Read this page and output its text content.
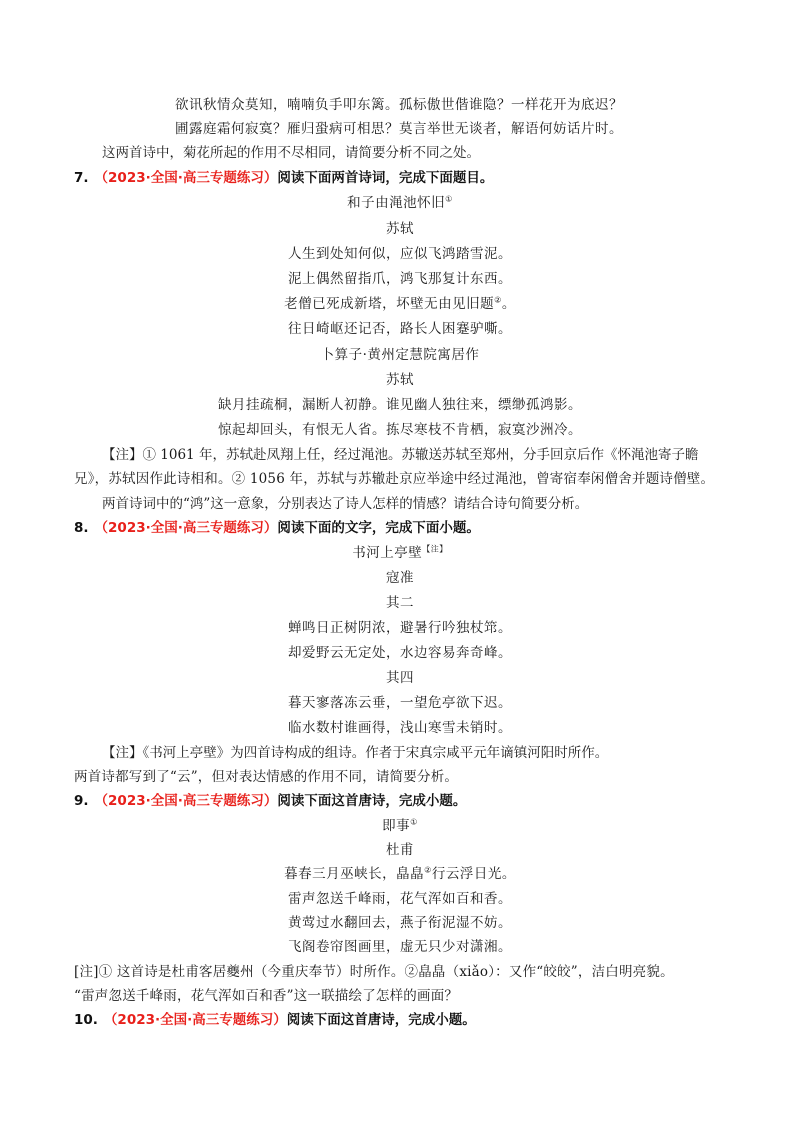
欲讯秋情众莫知，喃喃负手叩东篱。孤标傲世偕谁隐？一样花开为底迟？
圃露庭霜何寂寞？雁归蛩病可相思？莫言举世无谈者，解语何妨话片时。
这两首诗中，菊花所起的作用不尽相同，请简要分析不同之处。
7. （2023·全国·高三专题练习）阅读下面两首诗词，完成下面题目。
和子由渑池怀旧①
苏轼
人生到处知何似，应似飞鸿踏雪泥。
泥上偶然留指爪，鸿飞那复计东西。
老僧已死成新塔，坏壁无由见旧题②。
往日崎岖还记否，路长人困蹇驴嘶。
卜算子·黄州定慧院寓居作
苏轼
缺月挂疏桐，漏断人初静。谁见幽人独往来，缥缈孤鸿影。
惊起却回头，有恨无人省。拣尽寒枝不肯栖，寂寞沙洲冷。
【注】① 1061 年，苏轼赴凤翔上任，经过渑池。苏辙送苏轼至郑州，分手回京后作《怀渑池寄子瞻
兄》，苏轼因作此诗相和。② 1056 年，苏轼与苏辙赴京应举途中经过渑池，曾寄宿奉闲僧舍并题诗僧壁。
两首诗词中的“鸿”这一意象，分别表达了诗人怎样的情感？请结合诗句简要分析。
8. （2023·全国·高三专题练习）阅读下面的文字，完成下面小题。
书河上亭壁$^{【注】}$
寇准
其二
蝉鸣日正树阴浓，避暑行吟独杖筇。
却爱野云无定处，水边容易奔奇峰。
其四
暮天寥落冻云垂，一望危亭欲下迟。
临水数村谁画得，浅山寒雪未销时。
【注】《书河上亭壁》为四首诗构成的组诗。作者于宋真宗咸平元年谪镇河阳时所作。
两首诗都写到了“云”，但对表达情感的作用不同，请简要分析。
9. （2023·全国·高三专题练习）阅读下面这首唐诗，完成小题。
即事①
杜甫
暮春三月巫峡长，皛皛②行云浮日光。
雷声忽送千峰雨，花气浑如百和香。
黄莺过水翻回去，燕子衔泥湿不妨。
飞阁卷帘图画里，虚无只少对潇湘。
[注]① 这首诗是杜甫客居夔州（今重庆奉节）时所作。②皛皛（xiǎo）：又作“皎皎”，洁白明亮貌。
“雷声忽送千峰雨，花气浑如百和香”这一联描绘了怎样的画面？
10. （2023·全国·高三专题练习）阅读下面这首唐诗，完成小题。
